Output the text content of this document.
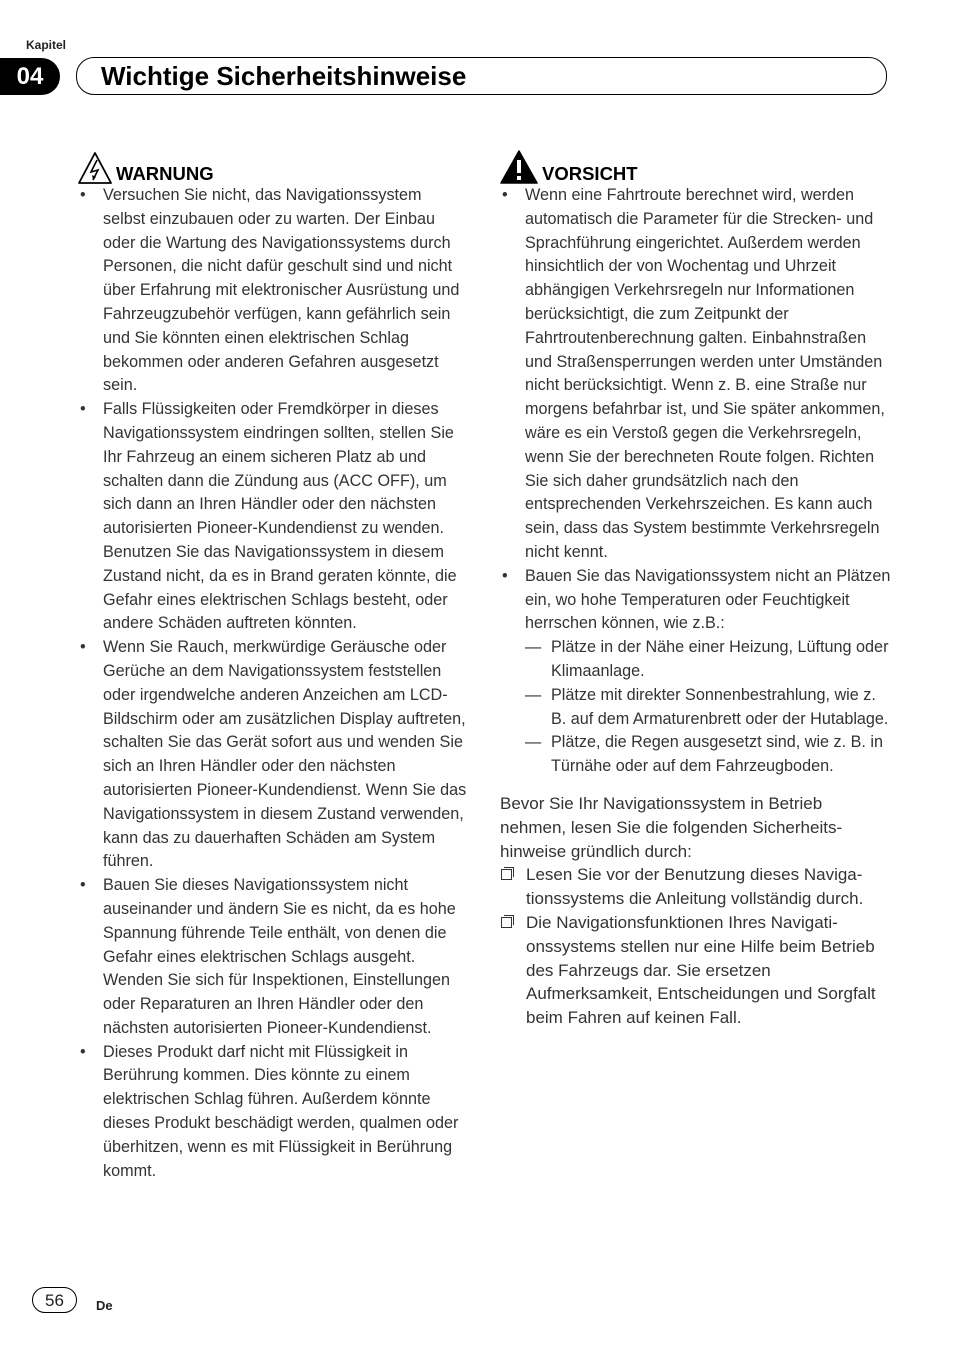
Kapitel
04	Wichtige Sicherheitshinweise
WARNUNG
• Versuchen Sie nicht, das Navigationssystem selbst einzubauen oder zu warten. Der Einbau oder die Wartung des Navigationssystems durch Personen, die nicht dafür geschult sind und nicht über Erfahrung mit elektronischer Ausrüstung und Fahrzeugzubehör verfügen, kann gefährlich sein und Sie könnten einen elektrischen Schlag bekommen oder anderen Gefahren ausgesetzt sein.
• Falls Flüssigkeiten oder Fremdkörper in dieses Navigationssystem eindringen sollten, stellen Sie Ihr Fahrzeug an einem sicheren Platz ab und schalten dann die Zündung aus (ACC OFF), um sich dann an Ihren Händler oder den nächsten autorisierten Pioneer-Kundendienst zu wenden. Benutzen Sie das Navigationssystem in diesem Zustand nicht, da es in Brand geraten könnte, die Gefahr eines elektrischen Schlags besteht, oder andere Schäden auftreten könnten.
• Wenn Sie Rauch, merkwürdige Geräusche oder Gerüche an dem Navigationssystem feststellen oder irgendwelche anderen Anzeichen am LCD-Bildschirm oder am zusätzlichen Display auftreten, schalten Sie das Gerät sofort aus und wenden Sie sich an Ihren Händler oder den nächsten autorisierten Pioneer-Kundendienst. Wenn Sie das Navigationssystem in diesem Zustand verwenden, kann das zu dauerhaften Schäden am System führen.
• Bauen Sie dieses Navigationssystem nicht auseinander und ändern Sie es nicht, da es hohe Spannung führende Teile enthält, von denen die Gefahr eines elektrischen Schlags ausgeht. Wenden Sie sich für Inspektionen, Einstellungen oder Reparaturen an Ihren Händler oder den nächsten autorisierten Pioneer-Kundendienst.
• Dieses Produkt darf nicht mit Flüssigkeit in Berührung kommen. Dies könnte zu einem elektrischen Schlag führen. Außerdem könnte dieses Produkt beschädigt werden, qualmen oder überhitzen, wenn es mit Flüssigkeit in Berührung kommt.
VORSICHT
• Wenn eine Fahrtroute berechnet wird, werden automatisch die Parameter für die Strecken- und Sprachführung eingerichtet. Außerdem werden hinsichtlich der von Wochentag und Uhrzeit abhängigen Verkehrsregeln nur Informationen berücksichtigt, die zum Zeitpunkt der Fahrtroutenberechnung galten. Einbahnstraßen und Straßensperrungen werden unter Umständen nicht berücksichtigt. Wenn z. B. eine Straße nur morgens befahrbar ist, und Sie später ankommen, wäre es ein Verstoß gegen die Verkehrsregeln, wenn Sie der berechneten Route folgen. Richten Sie sich daher grundsätzlich nach den entsprechenden Verkehrszeichen. Es kann auch sein, dass das System bestimmte Verkehrsregeln nicht kennt.
• Bauen Sie das Navigationssystem nicht an Plätzen ein, wo hohe Temperaturen oder Feuchtigkeit herrschen können, wie z.B.:
— Plätze in der Nähe einer Heizung, Lüftung oder Klimaanlage.
— Plätze mit direkter Sonnenbestrahlung, wie z. B. auf dem Armaturenbrett oder der Hutablage.
— Plätze, die Regen ausgesetzt sind, wie z. B. in Türnähe oder auf dem Fahrzeugboden.

Bevor Sie Ihr Navigationssystem in Betrieb nehmen, lesen Sie die folgenden Sicherheitshinweise gründlich durch:

Lesen Sie vor der Benutzung dieses Navigationssystems die Anleitung vollständig durch.
Die Navigationsfunktionen Ihres Navigationssystems stellen nur eine Hilfe beim Betrieb des Fahrzeugs dar. Sie ersetzen Aufmerksamkeit, Entscheidungen und Sorgfalt beim Fahren auf keinen Fall.
56	De
